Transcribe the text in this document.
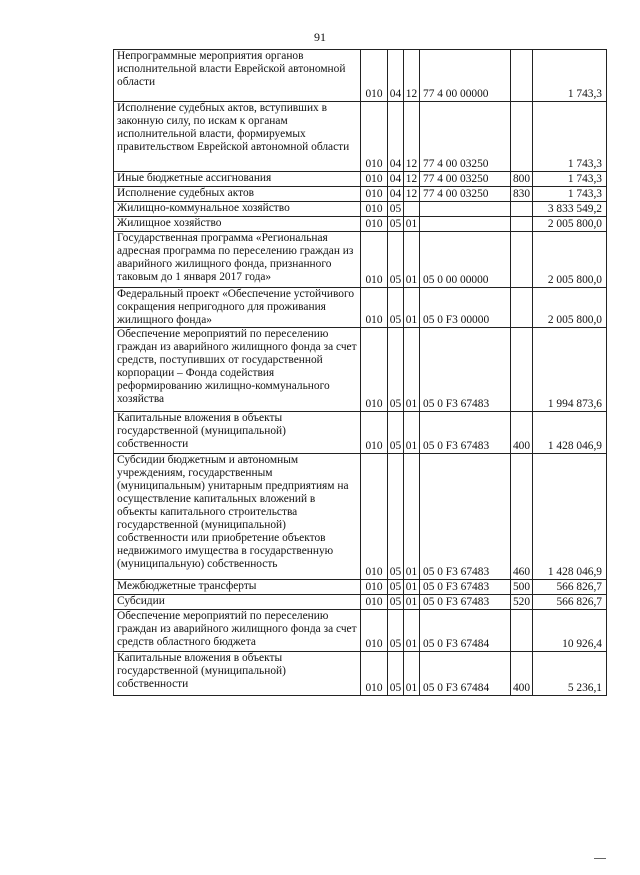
91
Непрограммные мероприятия органов исполнительной власти Еврейской автономной области	010	04	12	77 4 00 00000		1 743,3
Исполнение судебных актов, вступивших в законную силу, по искам к органам исполнительной власти, формируемых правительством Еврейской автономной области	010	04	12	77 4 00 03250		1 743,3
Иные бюджетные ассигнования	010	04	12	77 4 00 03250	800	1 743,3
Исполнение судебных актов	010	04	12	77 4 00 03250	830	1 743,3
Жилищно-коммунальное хозяйство	010	05				3 833 549,2
Жилищное хозяйство	010	05	01			2 005 800,0
Государственная программа «Региональная адресная программа по переселению граждан из аварийного жилищного фонда, признанного таковым до 1 января 2017 года»	010	05	01	05 0 00 00000		2 005 800,0
Федеральный проект «Обеспечение устойчивого сокращения непригодного для проживания жилищного фонда»	010	05	01	05 0 F3 00000		2 005 800,0
Обеспечение мероприятий по переселению граждан из аварийного жилищного фонда за счет средств, поступивших от государственной корпорации – Фонда содействия реформированию жилищно-коммунального хозяйства	010	05	01	05 0 F3 67483		1 994 873,6
Капитальные вложения в объекты государственной (муниципальной) собственности	010	05	01	05 0 F3 67483	400	1 428 046,9
Субсидии бюджетным и автономным учреждениям, государственным (муниципальным) унитарным предприятиям на осуществление капитальных вложений в объекты капитального строительства государственной (муниципальной) собственности или приобретение объектов недвижимого имущества в государственную (муниципальную) собственность	010	05	01	05 0 F3 67483	460	1 428 046,9
Межбюджетные трансферты	010	05	01	05 0 F3 67483	500	566 826,7
Субсидии	010	05	01	05 0 F3 67483	520	566 826,7
Обеспечение мероприятий по переселению граждан из аварийного жилищного фонда за счет средств областного бюджета	010	05	01	05 0 F3 67484		10 926,4
Капитальные вложения в объекты государственной (муниципальной) собственности	010	05	01	05 0 F3 67484	400	5 236,1
